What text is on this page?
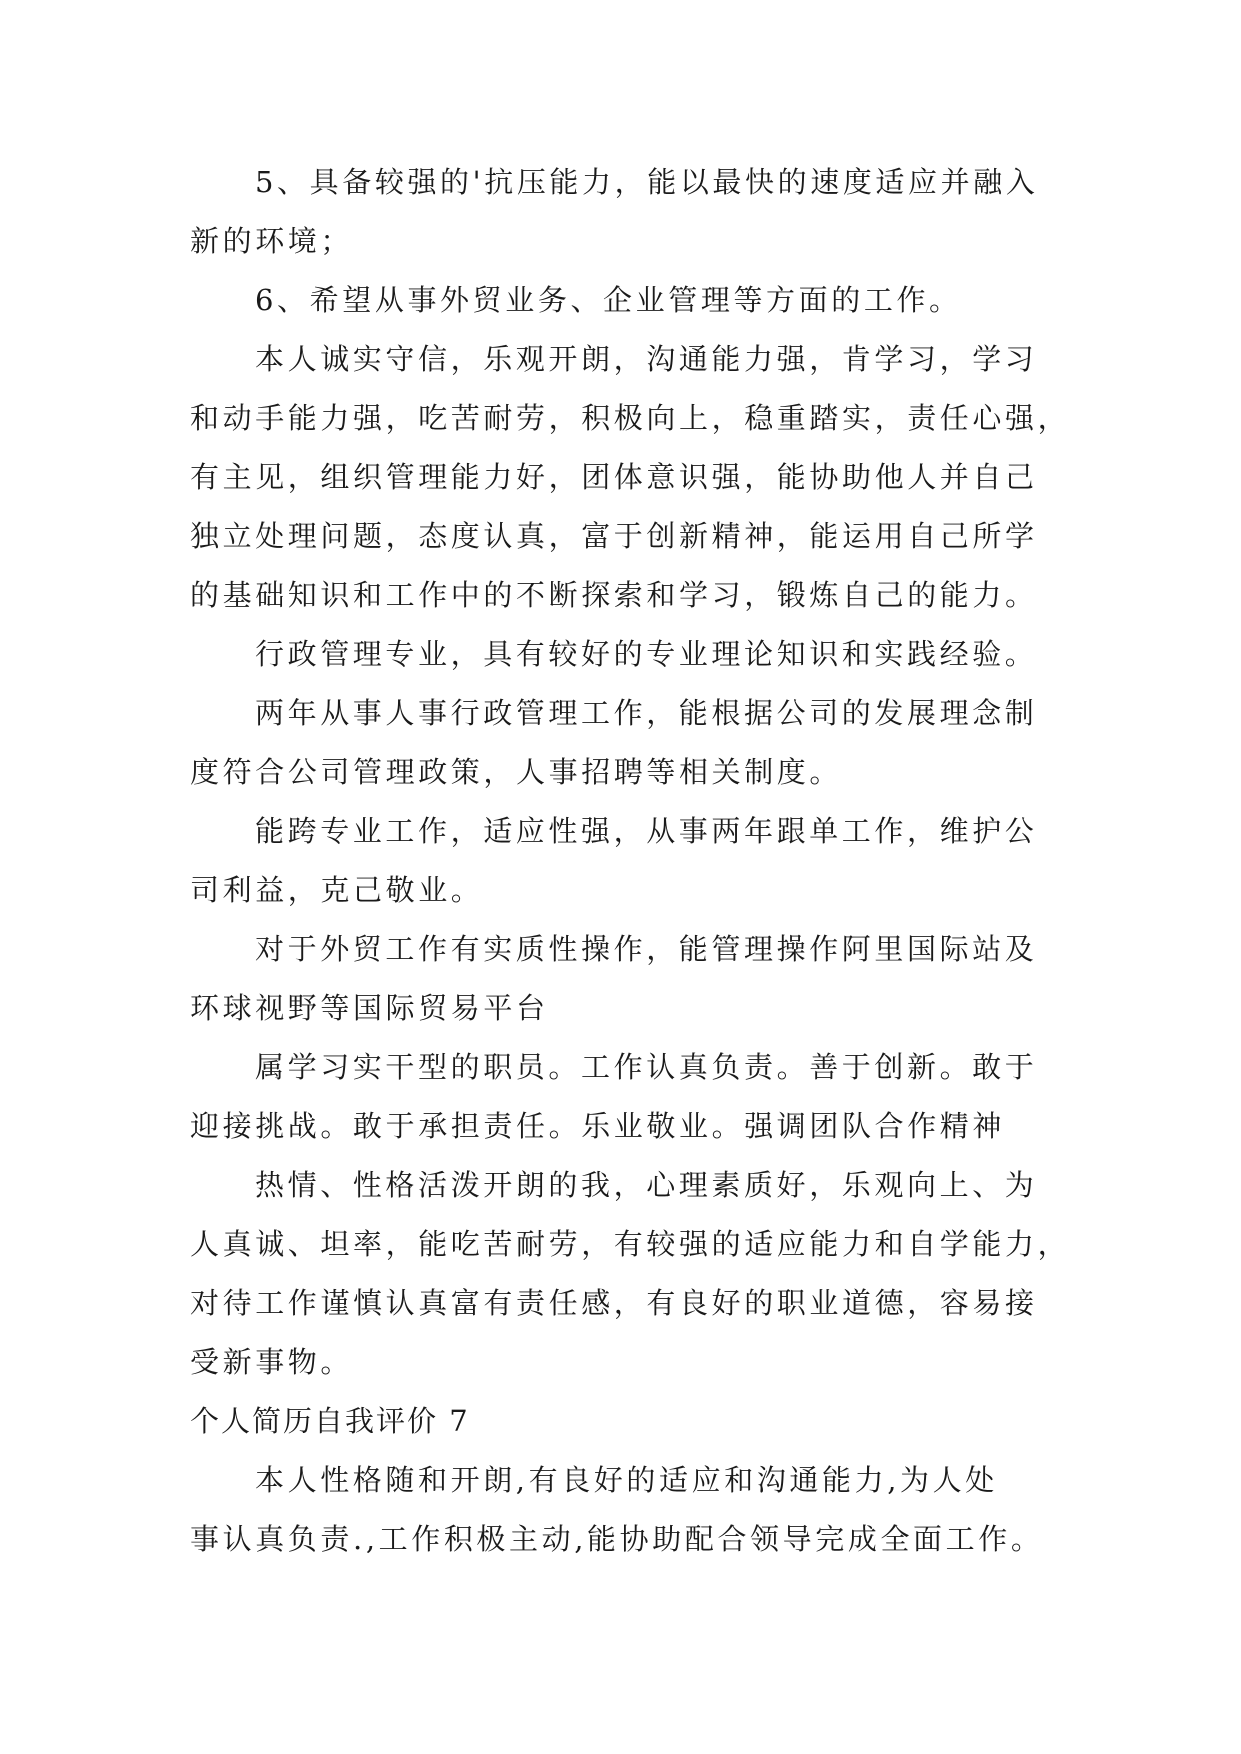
5、具备较强的'抗压能力，能以最快的速度适应并融入
新的环境；
6、希望从事外贸业务、企业管理等方面的工作。
本人诚实守信，乐观开朗，沟通能力强，肯学习，学习
和动手能力强，吃苦耐劳，积极向上，稳重踏实，责任心强，
有主见，组织管理能力好，团体意识强，能协助他人并自己
独立处理问题，态度认真，富于创新精神，能运用自己所学
的基础知识和工作中的不断探索和学习，锻炼自己的能力。
行政管理专业，具有较好的专业理论知识和实践经验。
两年从事人事行政管理工作，能根据公司的发展理念制
度符合公司管理政策，人事招聘等相关制度。
能跨专业工作，适应性强，从事两年跟单工作，维护公
司利益，克己敬业。
对于外贸工作有实质性操作，能管理操作阿里国际站及
环球视野等国际贸易平台
属学习实干型的职员。工作认真负责。善于创新。敢于
迎接挑战。敢于承担责任。乐业敬业。强调团队合作精神
热情、性格活泼开朗的我，心理素质好，乐观向上、为
人真诚、坦率，能吃苦耐劳，有较强的适应能力和自学能力，
对待工作谨慎认真富有责任感，有良好的职业道德，容易接
受新事物。
个人简历自我评价 7
本人性格随和开朗,有良好的适应和沟通能力,为人处
事认真负责.,工作积极主动,能协助配合领导完成全面工作。
